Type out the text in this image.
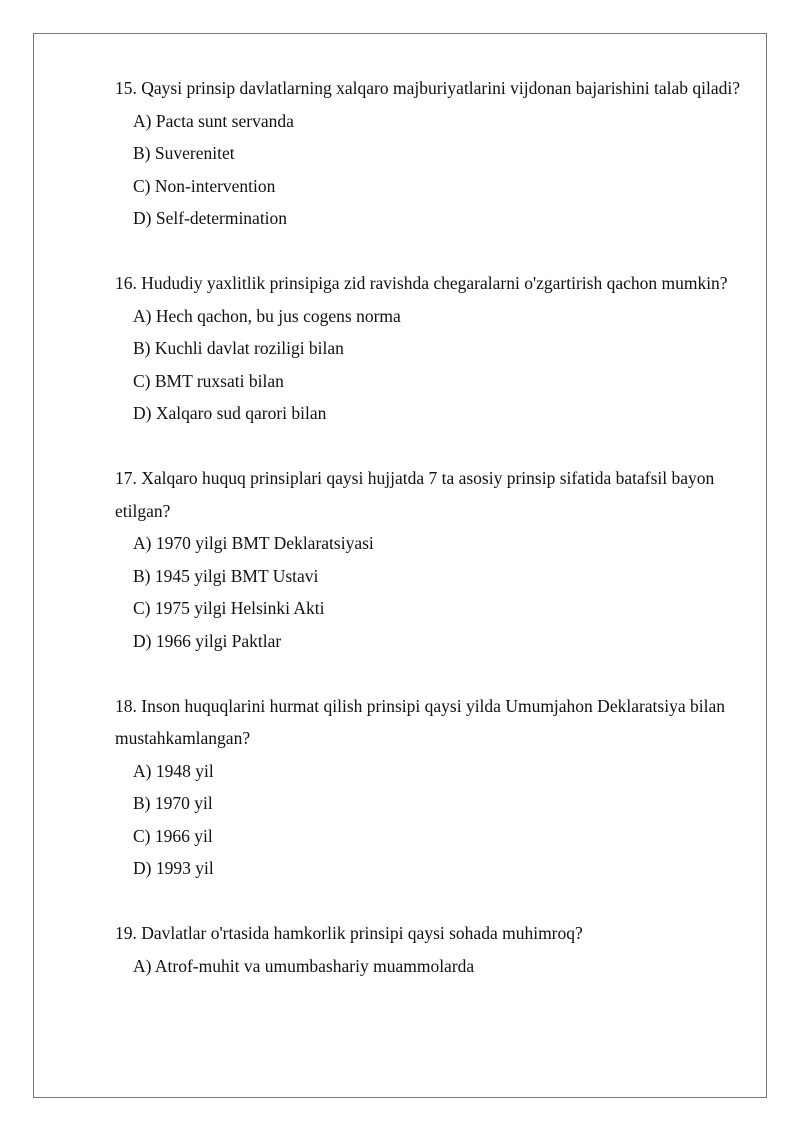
15. Qaysi prinsip davlatlarning xalqaro majburiyatlarini vijdonan bajarishini talab qiladi?

A) Pacta sunt servanda

B) Suverenitet

C) Non-intervention

D) Self-determination

16. Hududiy yaxlitlik prinsipiga zid ravishda chegaralarni o'zgartirish qachon mumkin?

A) Hech qachon, bu jus cogens norma

B) Kuchli davlat roziligi bilan

C) BMT ruxsati bilan

D) Xalqaro sud qarori bilan

17. Xalqaro huquq prinsiplari qaysi hujjatda 7 ta asosiy prinsip sifatida batafsil bayon etilgan?

A) 1970 yilgi BMT Deklaratsiyasi

B) 1945 yilgi BMT Ustavi

C) 1975 yilgi Helsinki Akti

D) 1966 yilgi Paktlar

18. Inson huquqlarini hurmat qilish prinsipi qaysi yilda Umumjahon Deklaratsiya bilan mustahkamlangan?

A) 1948 yil

B) 1970 yil

C) 1966 yil

D) 1993 yil

19. Davlatlar o'rtasida hamkorlik prinsipi qaysi sohada muhimroq?

A) Atrof-muhit va umumbashariy muammolarda
